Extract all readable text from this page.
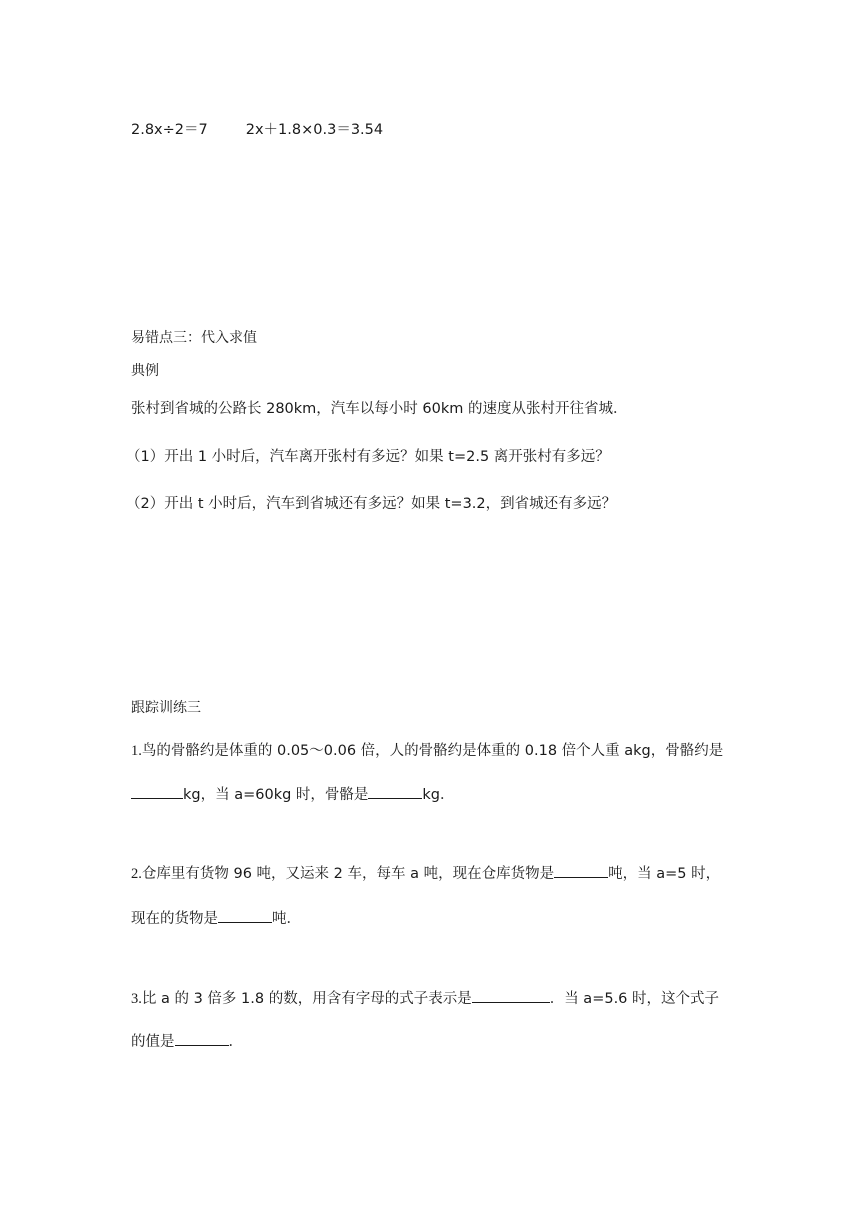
2.8x÷2＝7	2x＋1.8×0.3＝3.54
易错点三：代入求值
典例
张村到省城的公路长 280km，汽车以每小时 60km 的速度从张村开往省城．
（1）开出 1 小时后，汽车离开张村有多远？如果 t=2.5 离开张村有多远？
（2）开出 t 小时后，汽车到省城还有多远？如果 t=3.2，到省城还有多远？
跟踪训练三
1.鸟的骨骼约是体重的 0.05～0.06 倍，人的骨骼约是体重的 0.18 倍个人重 akg，骨骼约是
kg，当 a=60kg 时，骨骼是	kg．
2.仓库里有货物 96 吨，又运来 2 车，每车 a 吨，现在仓库货物是	吨，当 a=5 时，
现在的货物是	吨．
3.比 a 的 3 倍多 1.8 的数，用含有字母的式子表示是	．当 a=5.6 时，这个式子
的值是	．
